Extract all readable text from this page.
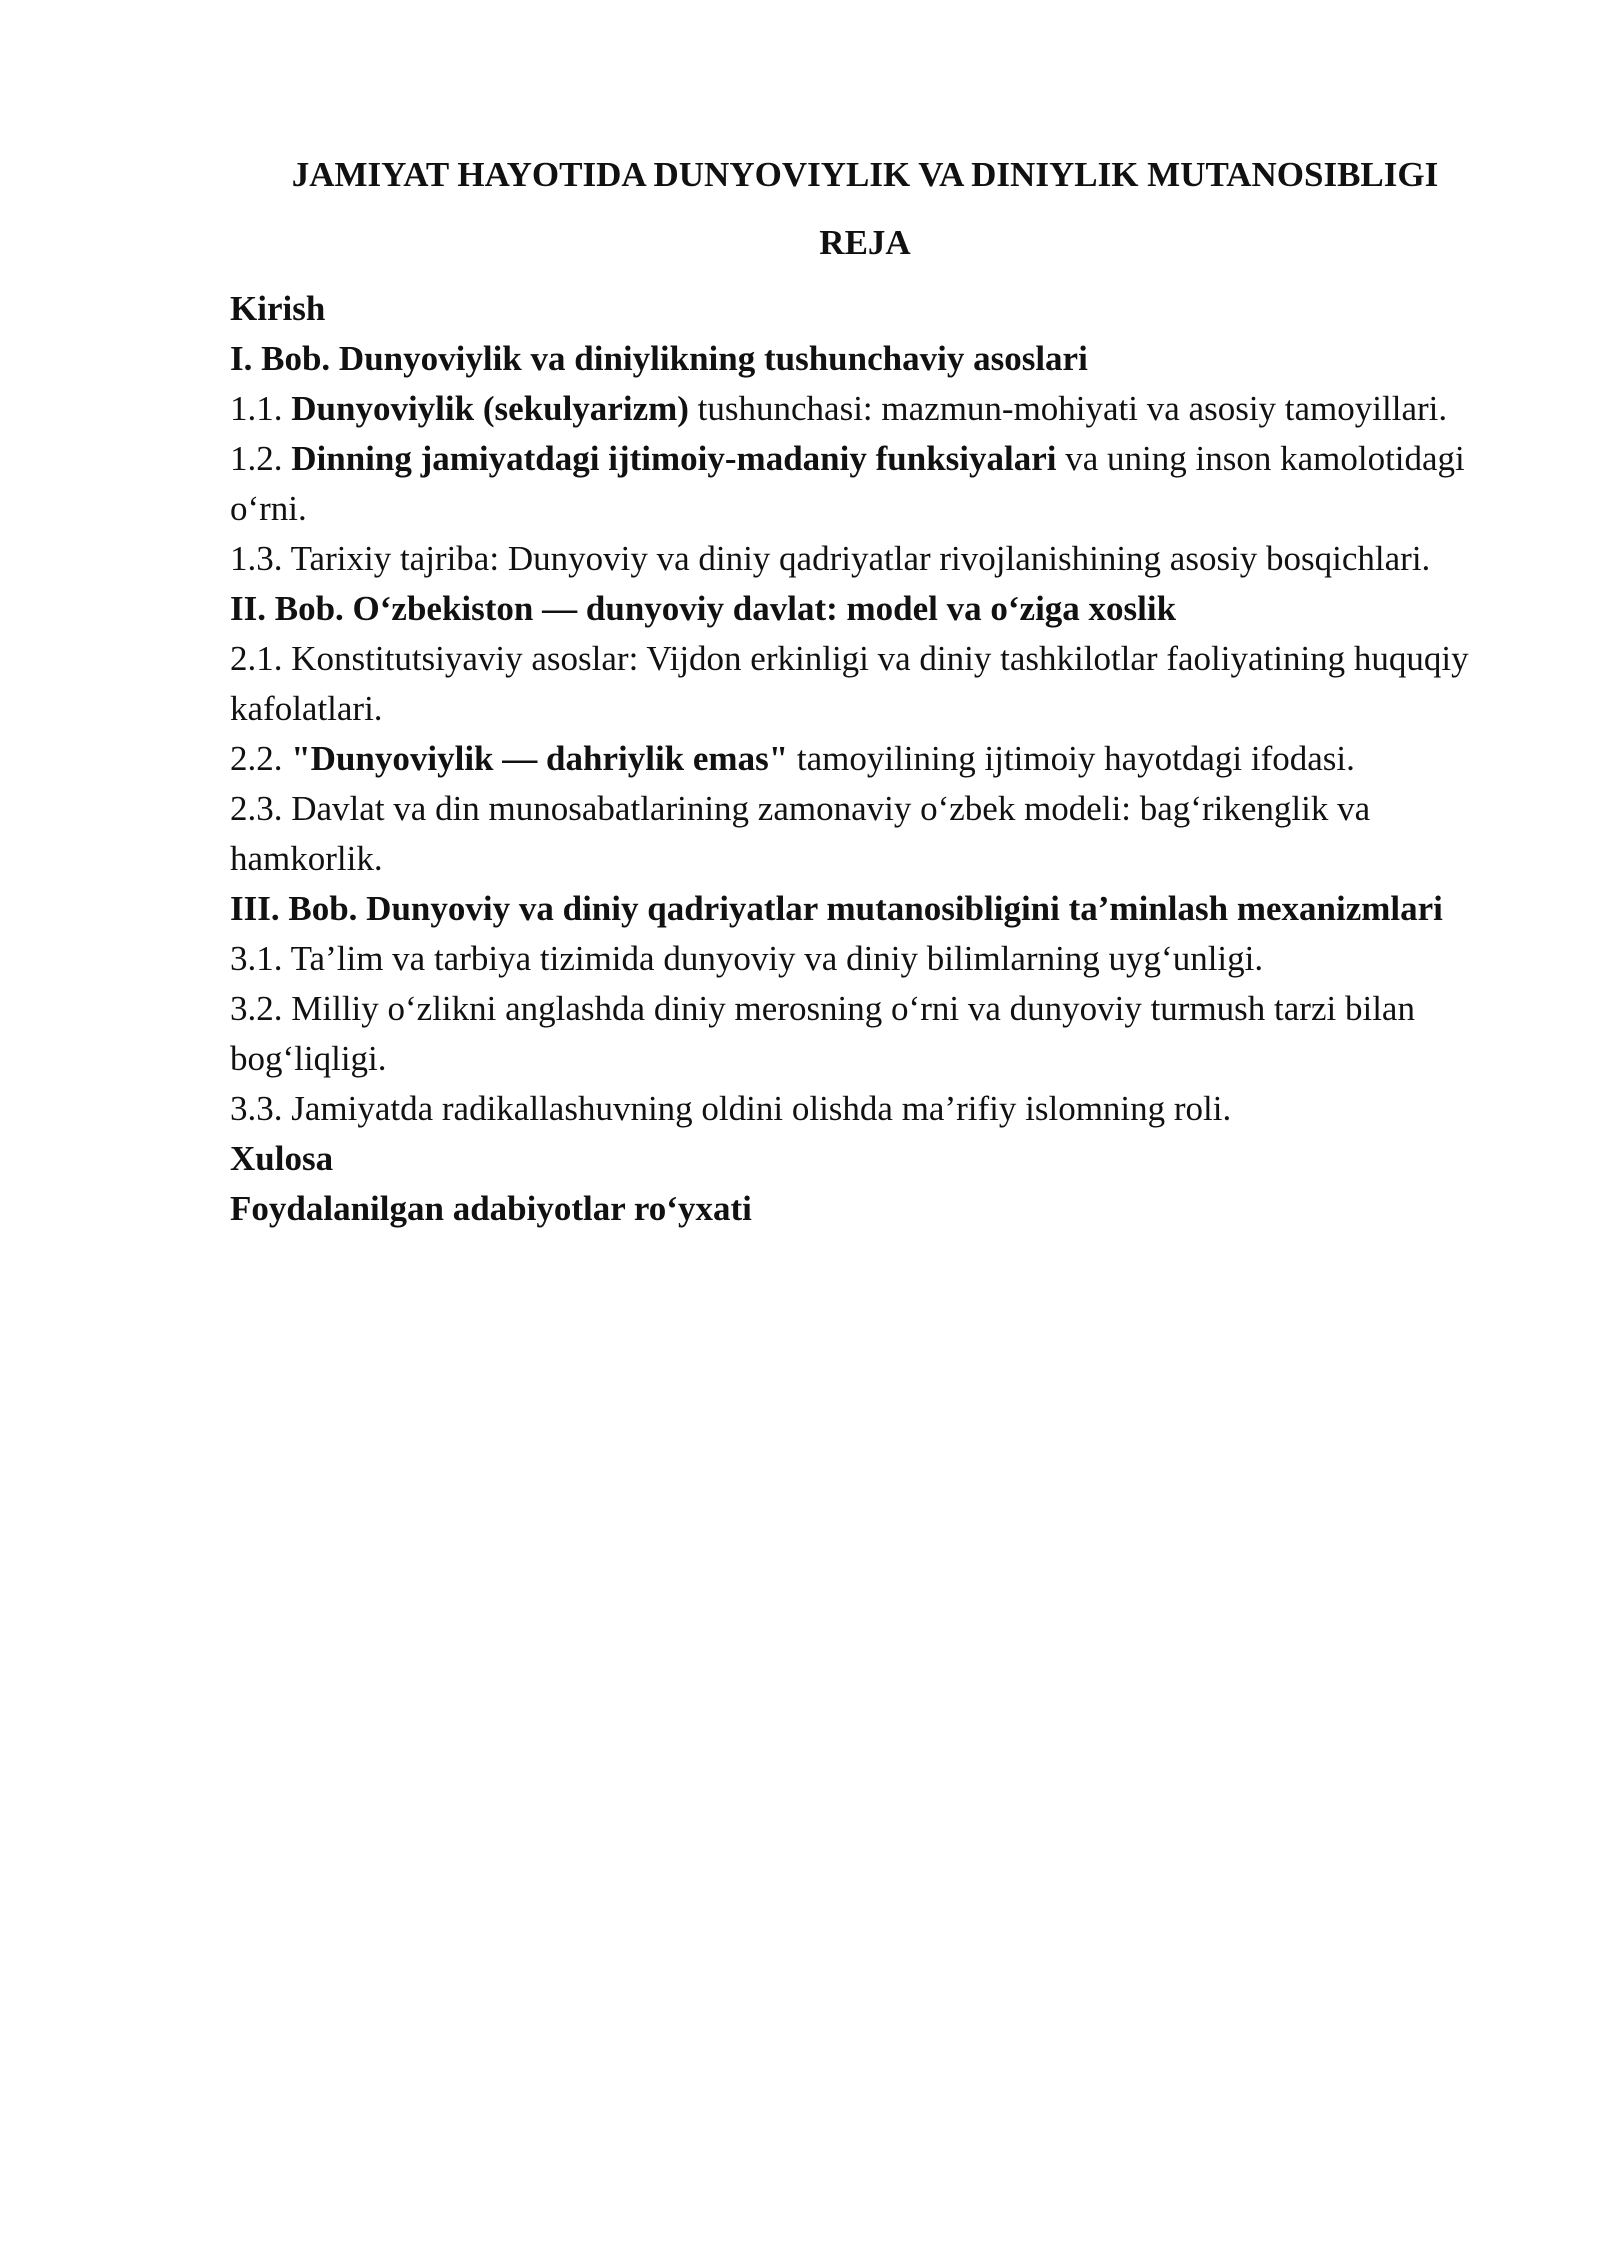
JAMIYAT HAYOTIDA DUNYOVIYLIK VA DINIYLIK MUTANOSIBLIGI

REJA

Kirish

I. Bob. Dunyoviylik va diniylikning tushunchaviy asoslari

1.1. Dunyoviylik (sekulyarizm) tushunchasi: mazmun-mohiyati va asosiy tamoyillari.

1.2. Dinning jamiyatdagi ijtimoiy-madaniy funksiyalari va uning inson kamolotidagi o‘rni.

1.3. Tarixiy tajriba: Dunyoviy va diniy qadriyatlar rivojlanishining asosiy bosqichlari.

II. Bob. O‘zbekiston — dunyoviy davlat: model va o‘ziga xoslik

2.1. Konstitutsiyaviy asoslar: Vijdon erkinligi va diniy tashkilotlar faoliyatining huquqiy kafolatlari.

2.2. "Dunyoviylik — dahriylik emas" tamoyilining ijtimoiy hayotdagi ifodasi.

2.3. Davlat va din munosabatlarining zamonaviy o‘zbek modeli: bag‘rikenglik va hamkorlik.

III. Bob. Dunyoviy va diniy qadriyatlar mutanosibligini ta’minlash mexanizmlari

3.1. Ta’lim va tarbiya tizimida dunyoviy va diniy bilimlarning uyg‘unligi.

3.2. Milliy o‘zlikni anglashda diniy merosning o‘rni va dunyoviy turmush tarzi bilan bog‘liqligi.

3.3. Jamiyatda radikallashuvning oldini olishda ma’rifiy islomning roli.

Xulosa

Foydalanilgan adabiyotlar ro‘yxati
